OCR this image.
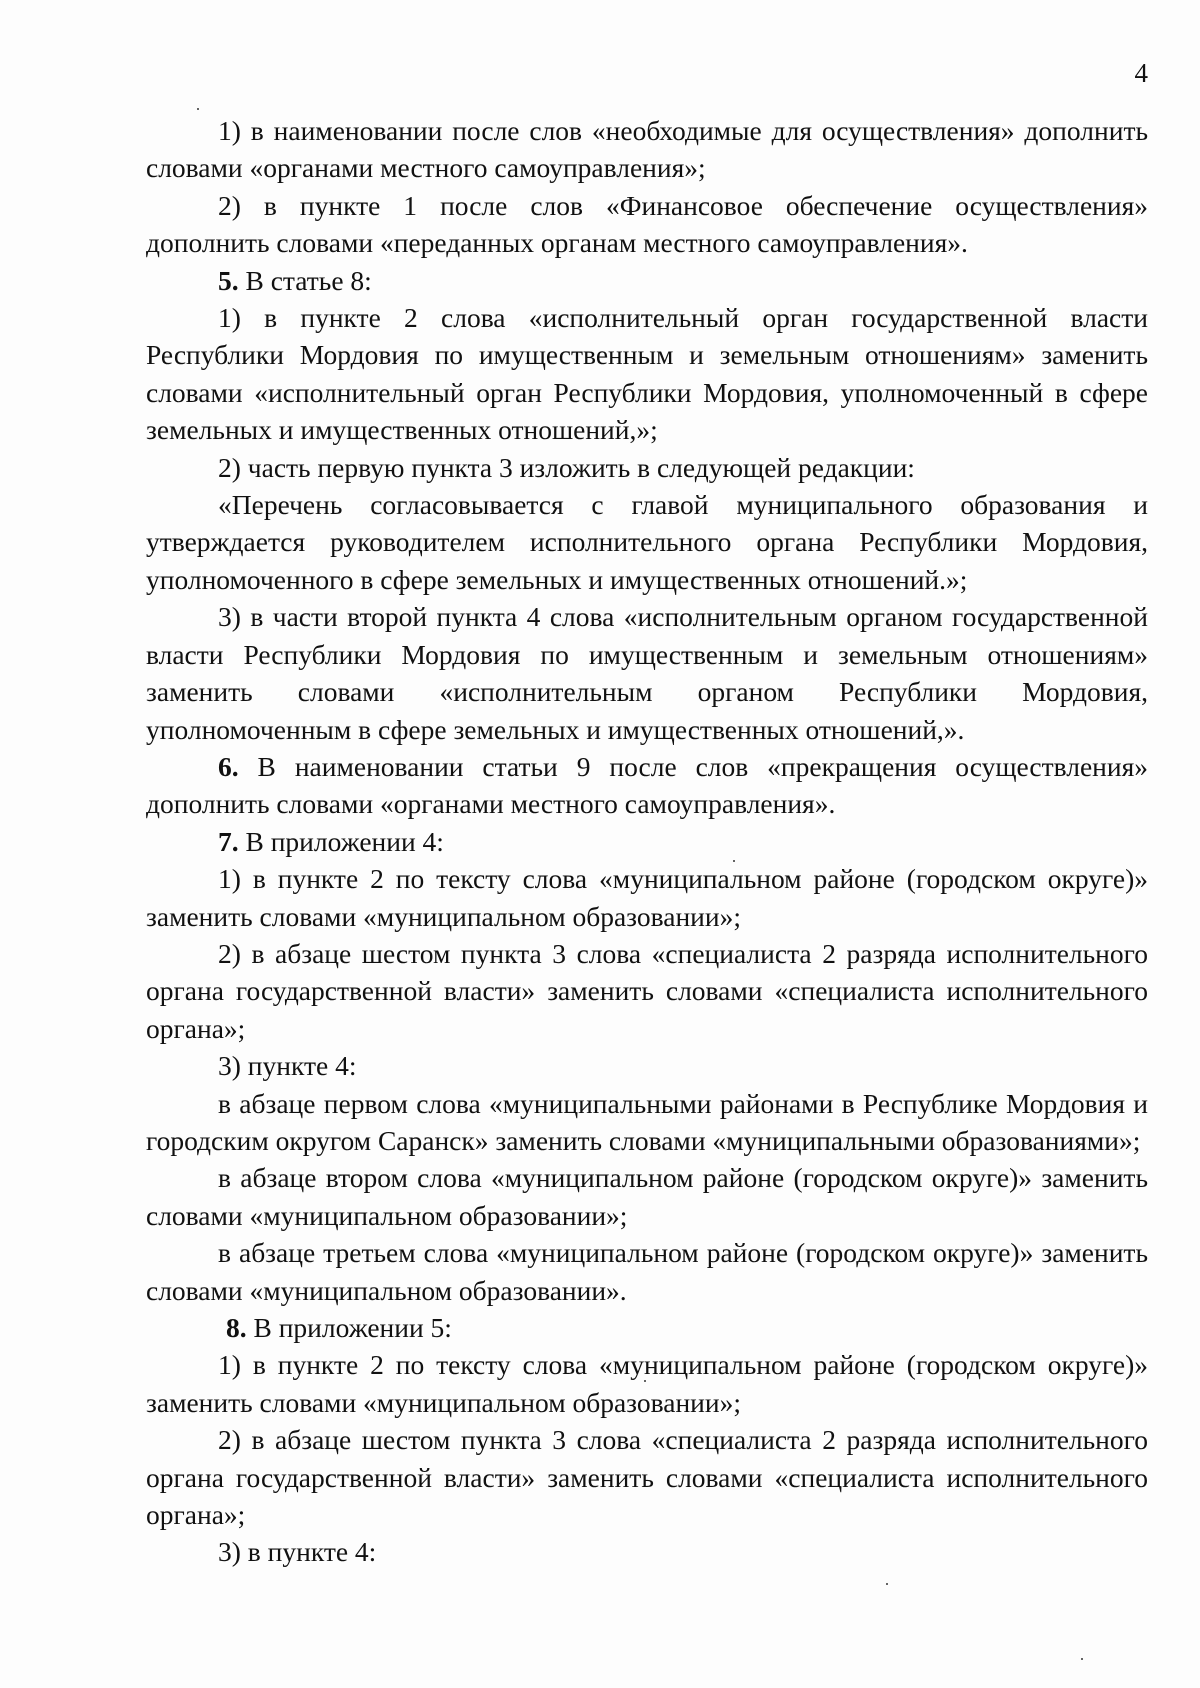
4

1) в наименовании после слов «необходимые для осуществления» дополнить словами «органами местного самоуправления»;

2) в пункте 1 после слов «Финансовое обеспечение осуществления» дополнить словами «переданных органам местного самоуправления».

5. В статье 8:

1) в пункте 2 слова «исполнительный орган государственной власти Республики Мордовия по имущественным и земельным отношениям» заменить словами «исполнительный орган Республики Мордовия, уполномоченный в сфере земельных и имущественных отношений,»;

2) часть первую пункта 3 изложить в следующей редакции:

«Перечень согласовывается с главой муниципального образования и утверждается руководителем исполнительного органа Республики Мордовия, уполномоченного в сфере земельных и имущественных отношений.»;

3) в части второй пункта 4 слова «исполнительным органом государственной власти Республики Мордовия по имущественным и земельным отношениям» заменить словами «исполнительным органом Республики Мордовия, уполномоченным в сфере земельных и имущественных отношений,».

6. В наименовании статьи 9 после слов «прекращения осуществления» дополнить словами «органами местного самоуправления».

7. В приложении 4:

1) в пункте 2 по тексту слова «муниципальном районе (городском округе)» заменить словами «муниципальном образовании»;

2) в абзаце шестом пункта 3 слова «специалиста 2 разряда исполнительного органа государственной власти» заменить словами «специалиста исполнительного органа»;

3) пункте 4:

в абзаце первом слова «муниципальными районами в Республике Мордовия и городским округом Саранск» заменить словами «муниципальными образованиями»;

в абзаце втором слова «муниципальном районе (городском округе)» заменить словами «муниципальном образовании»;

в абзаце третьем слова «муниципальном районе (городском округе)» заменить словами «муниципальном образовании».

8. В приложении 5:

1) в пункте 2 по тексту слова «муниципальном районе (городском округе)» заменить словами «муниципальном образовании»;

2) в абзаце шестом пункта 3 слова «специалиста 2 разряда исполнительного органа государственной власти» заменить словами «специалиста исполнительного органа»;

3) в пункте 4:
